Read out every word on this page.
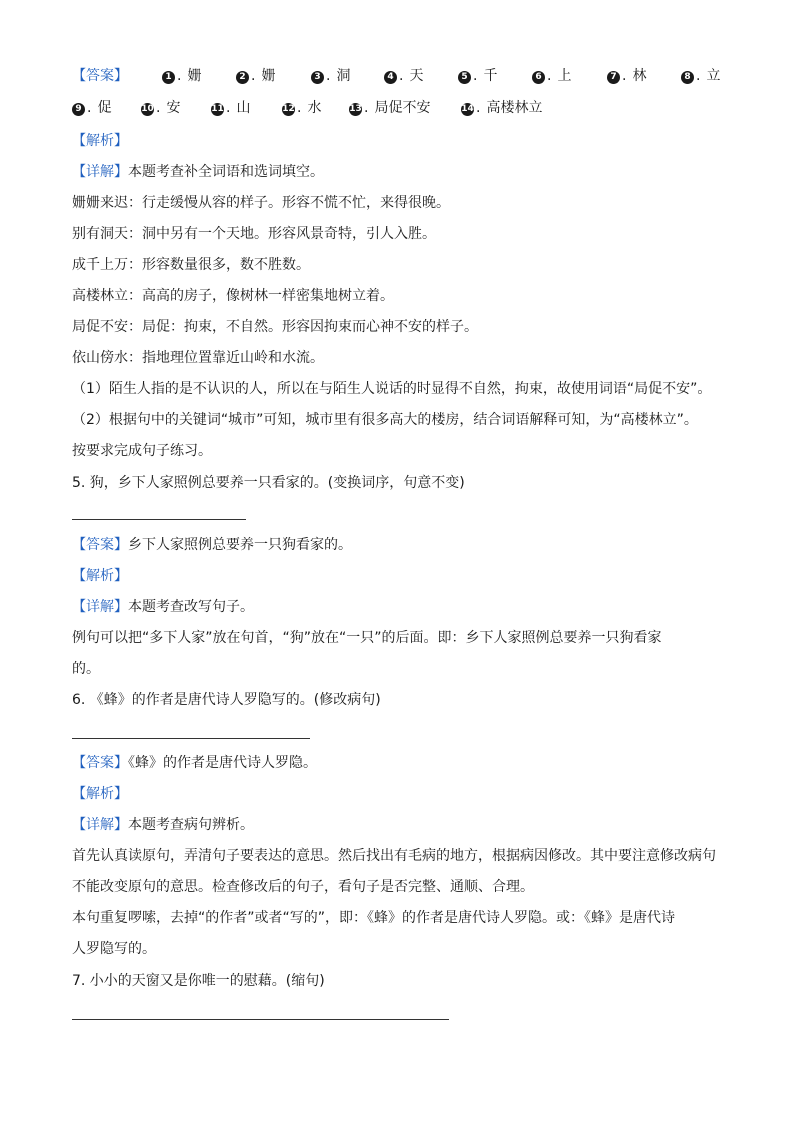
【答案】	1 . 姗	2 . 姗	3 . 洞	4 . 天	5 . 千	6 . 上	7 . 林	8 . 立
9 . 促	10 . 安	11 . 山	12 . 水	13 . 局促不安	14 . 高楼林立
【解析】
【详解】本题考查补全词语和选词填空。
姗姗来迟：行走缓慢从容的样子。形容不慌不忙，来得很晚。
别有洞天：洞中另有一个天地。形容风景奇特，引人入胜。
成千上万：形容数量很多，数不胜数。
高楼林立：高高的房子，像树林一样密集地树立着。
局促不安：局促：拘束，不自然。形容因拘束而心神不安的样子。
依山傍水：指地理位置靠近山岭和水流。
（1）陌生人指的是不认识的人，所以在与陌生人说话的时显得不自然，拘束，故使用词语“局促不安”。
（2）根据句中的关键词“城市”可知，城市里有很多高大的楼房，结合词语解释可知，为“高楼林立”。
按要求完成句子练习。
5. 狗，乡下人家照例总要养一只看家的。(变换词序，句意不变)
【答案】乡下人家照例总要养一只狗看家的。
【解析】
【详解】本题考查改写句子。
例句可以把“多下人家”放在句首，“狗”放在“一只”的后面。即：乡下人家照例总要养一只狗看家
的。
6. 《蜂》的作者是唐代诗人罗隐写的。(修改病句)
【答案】《蜂》的作者是唐代诗人罗隐。
【解析】
【详解】本题考查病句辨析。
首先认真读原句，弄清句子要表达的意思。然后找出有毛病的地方，根据病因修改。其中要注意修改病句
不能改变原句的意思。检查修改后的句子，看句子是否完整、通顺、合理。
本句重复啰嗦，去掉“的作者”或者“写的”，即：《蜂》的作者是唐代诗人罗隐。或：《蜂》是唐代诗
人罗隐写的。
7. 小小的天窗又是你唯一的慰藉。(缩句)
